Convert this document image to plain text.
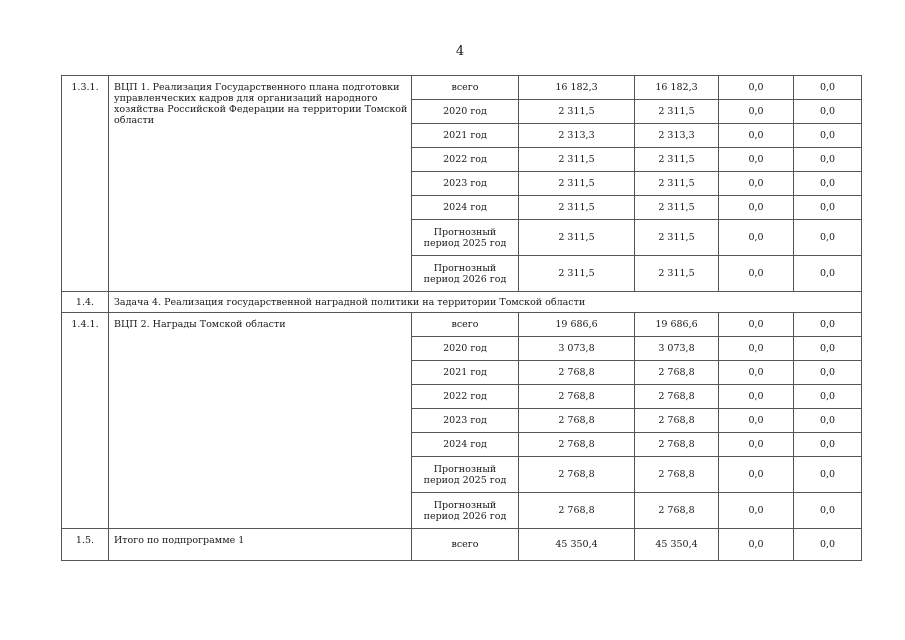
4
1.3.1.	ВЦП 1. Реализация Государственного плана подготовки управленческих кадров для организаций народного хозяйства Российской Федерации на территории Томской области	всего	16 182,3	16 182,3	0,0	0,0
		2020 год	2 311,5	2 311,5	0,0	0,0
		2021 год	2 313,3	2 313,3	0,0	0,0
		2022 год	2 311,5	2 311,5	0,0	0,0
		2023 год	2 311,5	2 311,5	0,0	0,0
		2024 год	2 311,5	2 311,5	0,0	0,0
		Прогнозный период 2025 год	2 311,5	2 311,5	0,0	0,0
		Прогнозный период 2026 год	2 311,5	2 311,5	0,0	0,0
1.4.	Задача 4. Реализация государственной наградной политики на территории Томской области					
1.4.1.	ВЦП 2. Награды Томской области	всего	19 686,6	19 686,6	0,0	0,0
		2020 год	3 073,8	3 073,8	0,0	0,0
		2021 год	2 768,8	2 768,8	0,0	0,0
		2022 год	2 768,8	2 768,8	0,0	0,0
		2023 год	2 768,8	2 768,8	0,0	0,0
		2024 год	2 768,8	2 768,8	0,0	0,0
		Прогнозный период 2025 год	2 768,8	2 768,8	0,0	0,0
		Прогнозный период 2026 год	2 768,8	2 768,8	0,0	0,0
1.5.	Итого по подпрограмме 1	всего	45 350,4	45 350,4	0,0	0,0
